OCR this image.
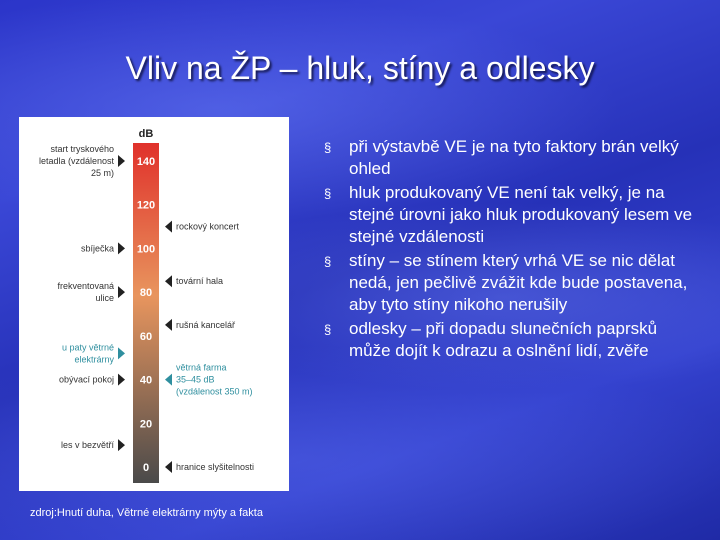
Vliv na ŽP – hluk, stíny a odlesky
dB
140
120
100
80
60
40
20
0
start tryskového
letadla (vzdálenost
25 m)
sbíječka
frekventovaná
ulice
u paty větrné
elektrárny
obývací pokoj
les v bezvětří
rockový koncert
tovární hala
rušná kancelář
větrná farma
35–45 dB
(vzdálenost 350 m)
hranice slyšitelnosti
§ při výstavbě VE je na tyto faktory brán velký ohled
§ hluk produkovaný VE není tak velký, je na stejné úrovni jako hluk produkovaný lesem ve stejné vzdálenosti
§ stíny – se stínem který vrhá VE se nic dělat nedá, jen pečlivě zvážit kde bude postavena, aby tyto stíny nikoho nerušily
§ odlesky – při dopadu slunečních paprsků může dojít k odrazu a oslnění lidí, zvěře
zdroj:Hnutí duha, Větrné elektrárny mýty a fakta
